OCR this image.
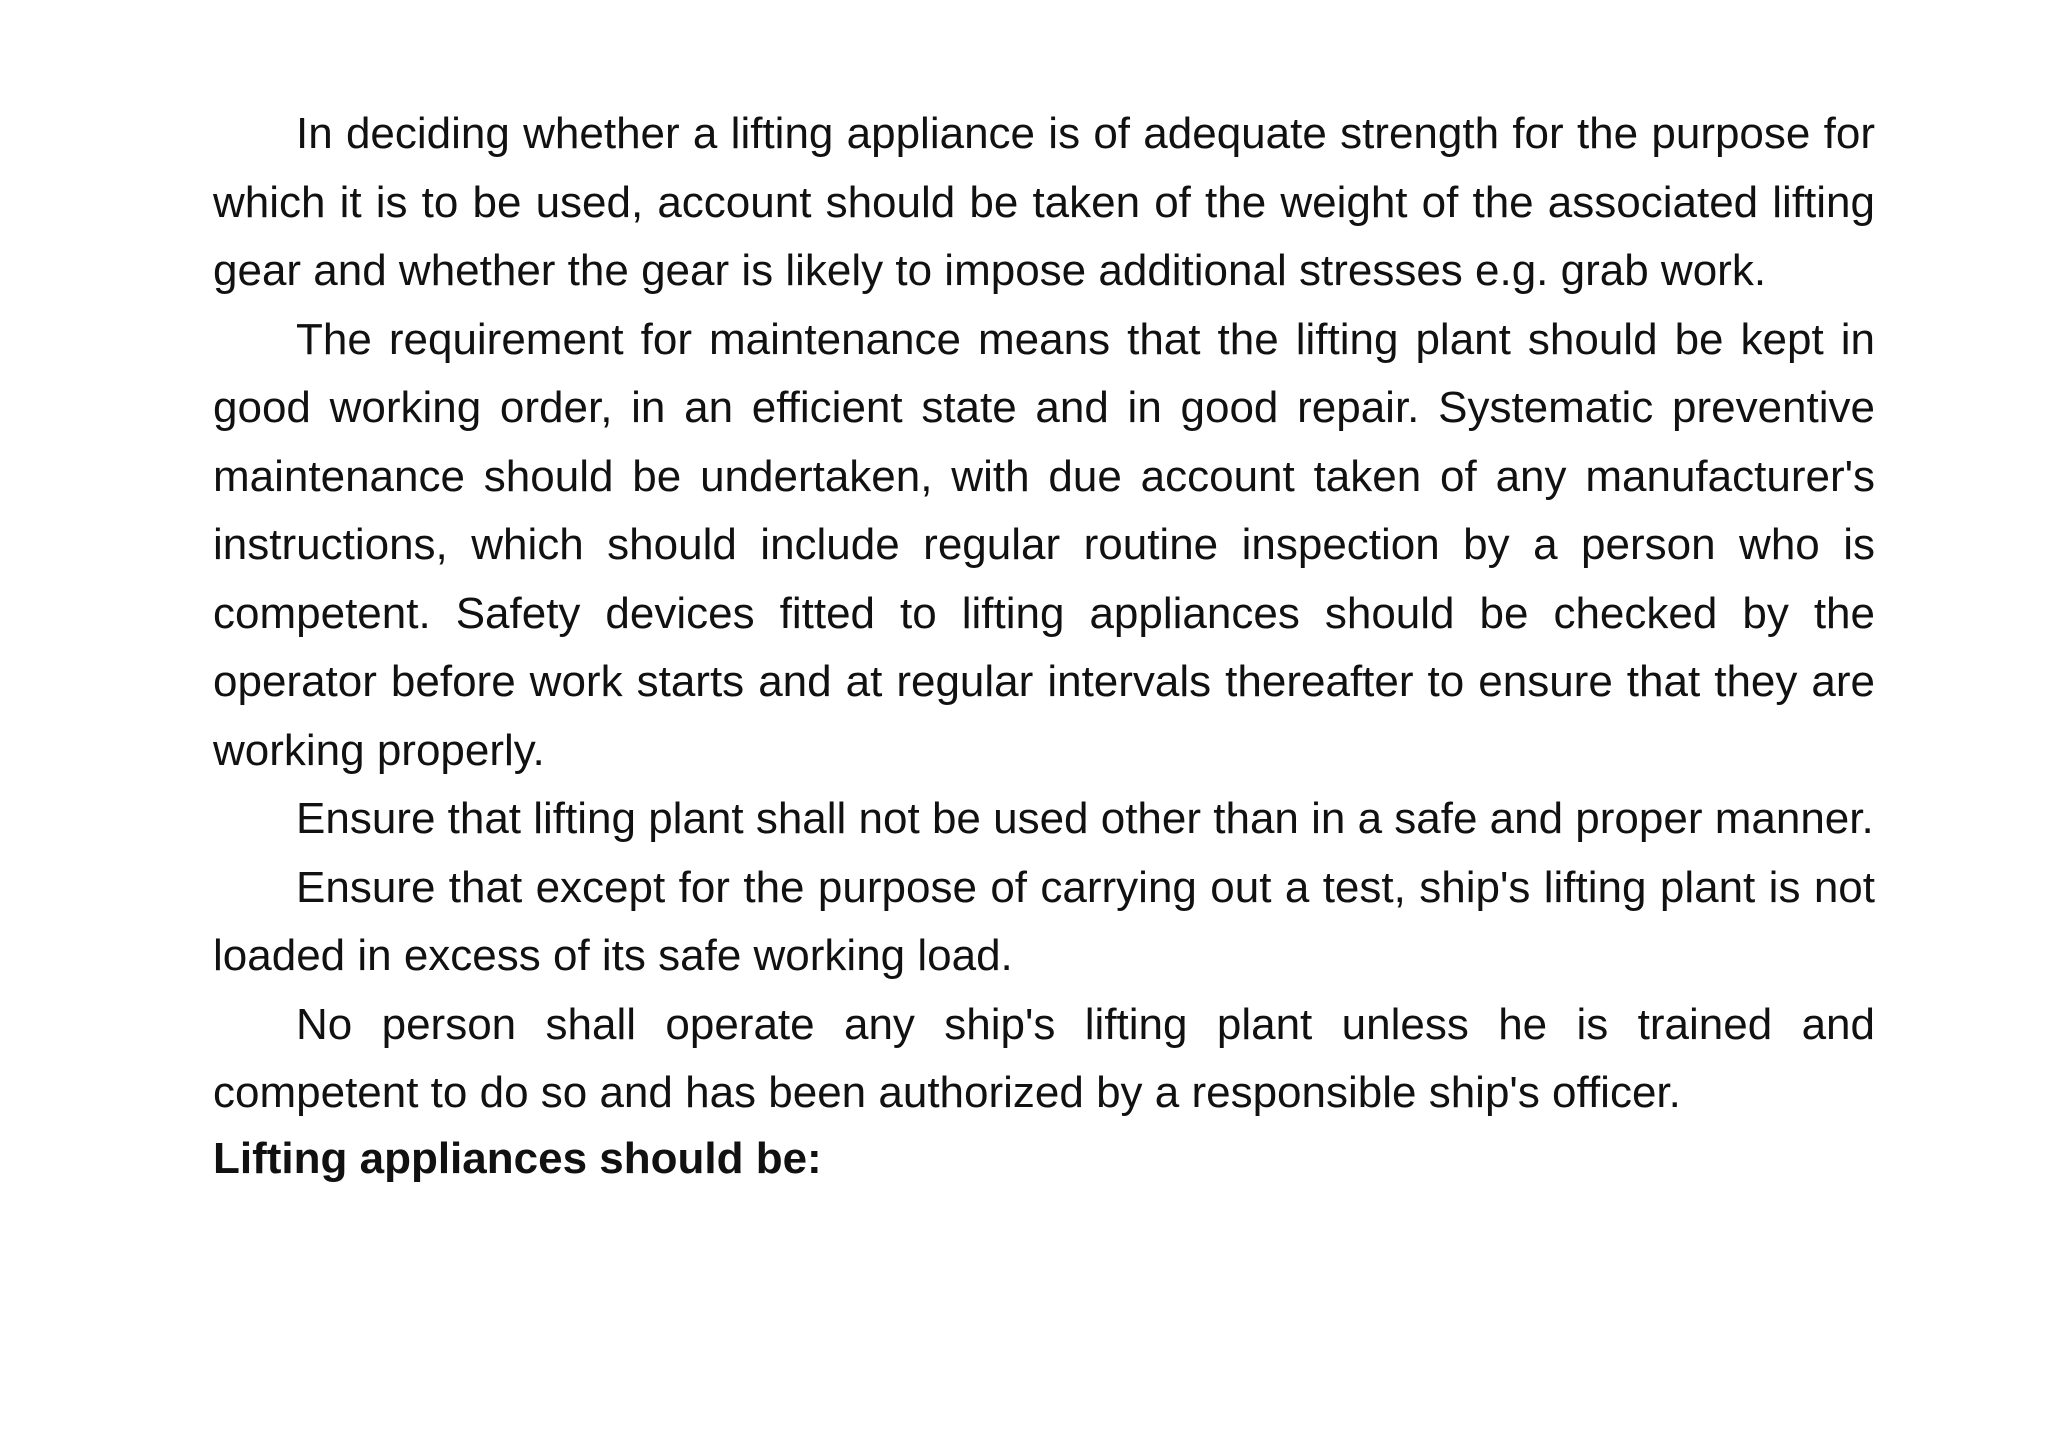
In deciding whether a lifting appliance is of adequate strength for the purpose for which it is to be used, account should be taken of the weight of the associated lifting gear and whether the gear is likely to impose additional stresses e.g. grab work.

The requirement for maintenance means that the lifting plant should be kept in good working order, in an efficient state and in good repair. Systematic preventive maintenance should be undertaken, with due account taken of any manufacturer's instructions, which should include regular routine inspection by a person who is competent. Safety devices fitted to lifting appliances should be checked by the operator before work starts and at regular intervals thereafter to ensure that they are working properly.

Ensure that lifting plant shall not be used other than in a safe and proper manner.

Ensure that except for the purpose of carrying out a test, ship's lifting plant is not loaded in excess of its safe working load.

No person shall operate any ship's lifting plant unless he is trained and competent to do so and has been authorized by a responsible ship's officer.

Lifting appliances should be:
